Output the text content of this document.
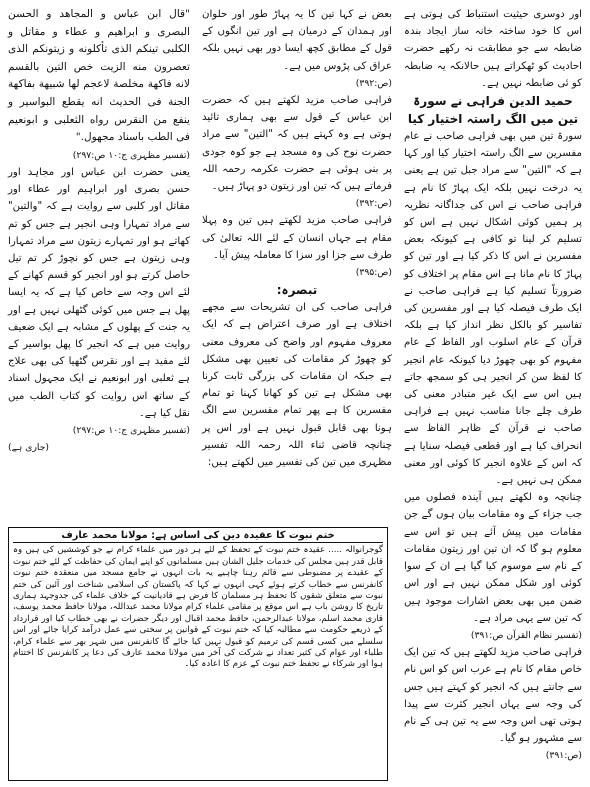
اور دوسری حیثیت استنباط کی ہوتی ہے اس کا خود ساختہ خانہ ساز ایجاد بندہ ضابطہ سے جو مطابقت نہ رکھے حضرت احادیث کو ٹھکراتے ہیں حالانکہ یہ ضابطہ کو ئی ضابطہ نہیں ہے۔

حمید الدین فراہی نے سورۃ تین میں الگ راستہ اختیار کیا

سورۃ تین میں بھی فراہی صاحب نے عام مفسرین سے الگ راستہ اختیار کیا اور کہا ہے کہ "التین" سے مراد جبل تین ہے یعنی یہ درخت نہیں بلکہ ایک پہاڑ کا نام ہے فراہی صاحب نے اس کی جداگانہ نظریہ پر ہمیں کوئی اشکال نہیں ہے اس کو تسلیم کر لینا تو کافی ہے کیونکہ بعض مفسرین نے اس کا ذکر کیا ہے اور تین کو پہاڑ کا نام مانا ہے اس مقام پر اختلاف کو ضرورتاً تسلیم کیا ہے فراہی صاحب نے ایک طرف فیصلہ کیا ہے اور مفسرین کی تفاسیر کو بالکل نظر انداز کیا ہے بلکہ قرآن کے عام اسلوب اور الفاظ کے عام مفہوم کو بھی چھوڑ دیا کیونکہ عام انجیر کا لفظ سن کر انجیر ہی کو سمجھ جاتے ہیں اس سے ایک غیر متبادر معنی کی طرف چلے جانا مناسب نہیں ہے فراہی صاحب نے قرآن کے ظاہر الفاظ سے انحراف کیا ہے اور قطعی فیصلہ سنایا ہے کہ اس کے علاوہ انجیر کا کوئی اور معنی ممکن ہی نہیں ہے۔

چنانچہ وہ لکھتے ہیں آیندہ فصلوں میں جب جزاء کے وہ مقامات بیان ہوں گے جن مقامات میں پیش آئے ہیں تو اس سے معلوم ہو گا کہ ان تین اور زیتون مقامات کے نام سے موسوم کیا گیا ہے ان کے سوا کوئی اور شکل ممکن نہیں ہے اور اس ضمن میں بھی بعض اشارات موجود ہیں کہ تین سے یہی مراد ہے۔

(تفسیر نظام القرآن ص:۳۹۱)

فراہی صاحب مزید لکھتے ہیں کہ تین ایک خاص مقام کا نام ہے عرب اس کو اس نام سے جانتے ہیں کہ انجیر کو کہتے ہیں جس کی وجہ سے یہاں انجیر کثرت سے پیدا ہوتی تھی اس وجہ سے یہ تین ہی کے نام سے مشہور ہو گیا۔

(ص:۳۹۱)

بعض نے کہا تین کا یہ پہاڑ طور اور حلوان اور ہمدان کے درمیان ہے اور تین انگوں کے قول کے مطابق کچھ ایسا دور بھی نہیں بلکہ عراق کی پڑوس میں ہے۔

(ص:۳۹۲)

فراہی صاحب مزید لکھتے ہیں کہ حضرت ابن عباس کے قول سے بھی ہماری تائید ہوتی ہے وہ کہتے ہیں کہ "التین" سے مراد حضرت نوح کی وہ مسجد ہے جو کوہ جودی پر بنی ہوئی ہے حضرت عکرمہ رحمہ اللہ فرماتے ہیں کہ تین اور زیتون دو پہاڑ ہیں۔

(ص:۳۹۲)

فراہی صاحب مزید لکھتے ہیں تین وہ پہلا مقام ہے جہاں انسان کے لئے اللہ تعالیٰ کی طرف سے جزا اور سزا کا معاملہ پیش آیا۔

(ص:۳۹۵)

تبصرہ:

فراہی صاحب کی ان تشریحات سے مجھے اختلاف ہے اور صرف اعتراض ہے کہ ایک معروف مفہوم اور واضح کی معروف معنی کو چھوڑ کر مقامات کی تعیین بھی مشکل ہے جبکہ ان مقامات کی بزرگی ثابت کرنا بھی مشکل ہے تین کو کھانا کہنا تو تمام مفسرین کا ہے پھر تمام مفسرین سے الگ ہونا بھی قابل قبول نہیں ہے اور اس پر چنانچہ قاضی ثناء اللہ رحمہ اللہ تفسیر مظہری میں تین کی تفسیر میں لکھتے ہیں:

"قال ابن عباس و المجاهد و الحسن البصری و ابراهیم و عطاء و مقاتل و الکلبی تینکم الذی تأکلونه و زیتونکم الذی تعصرون منه الزیت خص التین بالقسم لانه فاکهة مخلصة لاعجم لها شبیهة بفاکهة الجنة فی الحدیث انه یقطع البواسیر و ینفع من النقرس رواه الثعلبی و ابونعیم فی الطب باسناد مجهول."

(تفسیر مظہری ج:۱۰ ص:۲۹۷)

یعنی حضرت ابن عباس اور مجاہد اور حسن بصری اور ابراہیم اور عطاء اور مقاتل اور کلبی سے روایت ہے کہ "والتین" سے مراد تمہارا وہی انجیر ہے جس کو تم کھاتے ہو اور تمہارے زیتون سے مراد تمہارا وہی زیتون ہے جس کو نچوڑ کر تم تیل حاصل کرتے ہو اور انجیر کو قسم کھانے کے لئے اس وجہ سے خاص کیا ہے کہ یہ ایسا پھل ہے جس میں کوئی گٹھلی نہیں ہے اور یہ جنت کے پھلوں کے مشابہ ہے ایک ضعیف روایت میں ہے کہ انجیر کا پھل بواسیر کے لئے مفید ہے اور نقرس گٹھیا کی بھی علاج ہے ثعلبی اور ابونعیم نے ایک مجہول اسناد کے ساتھ اس روایت کو کتاب الطب میں نقل کیا ہے۔

(تفسیر مظہری ج:۱۰ ص:۲۹۷)

(جاری ہے)

ختم نبوت کا عقیدہ دین کی اساس ہے: مولانا محمد عارف
گوجرانوالہ ..... عقیدہ ختم نبوت کے تحفظ کے لئے ہر دور میں علماء کرام نے جو کوششیں کی ہیں وہ قابل قدر ہیں مجلس کی خدمات جلیل الشان ہیں مسلمانوں کو اپنے ایمان کی حفاظت کے لئے ختم نبوت کے عقیدے پر مضبوطی سے قائم رہنا چاہیے یہ بات انہوں نے جامع مسجد میں منعقدہ ختم نبوت کانفرنس سے خطاب کرتے ہوئے کہی انہوں نے کہا کہ پاکستان کی اسلامی شناخت اور آئین کی ختم نبوت سے متعلق شقوں کا تحفظ ہر مسلمان کا فرض ہے قادیانیت کے خلاف علماء کی جدوجہد ہماری تاریخ کا روشن باب ہے اس موقع پر مقامی علماء کرام مولانا محمد عبداللہ، مولانا حافظ محمد یوسف، قاری محمد اسلم، مولانا عبدالرحمن، حافظ محمد اقبال اور دیگر حضرات نے بھی خطاب کیا اور قرارداد کے ذریعے حکومت سے مطالبہ کیا کہ ختم نبوت کے قوانین پر سختی سے عمل درآمد کرایا جائے اور اس سلسلے میں کسی قسم کی ترمیم کو قبول نہیں کیا جائے گا کانفرنس میں شہر بھر سے علماء کرام، طلباء اور عوام کی کثیر تعداد نے شرکت کی آخر میں مولانا محمد عارف کی دعا پر کانفرنس کا اختتام ہوا اور شرکاء نے تحفظ ختم نبوت کے عزم کا اعادہ کیا۔
